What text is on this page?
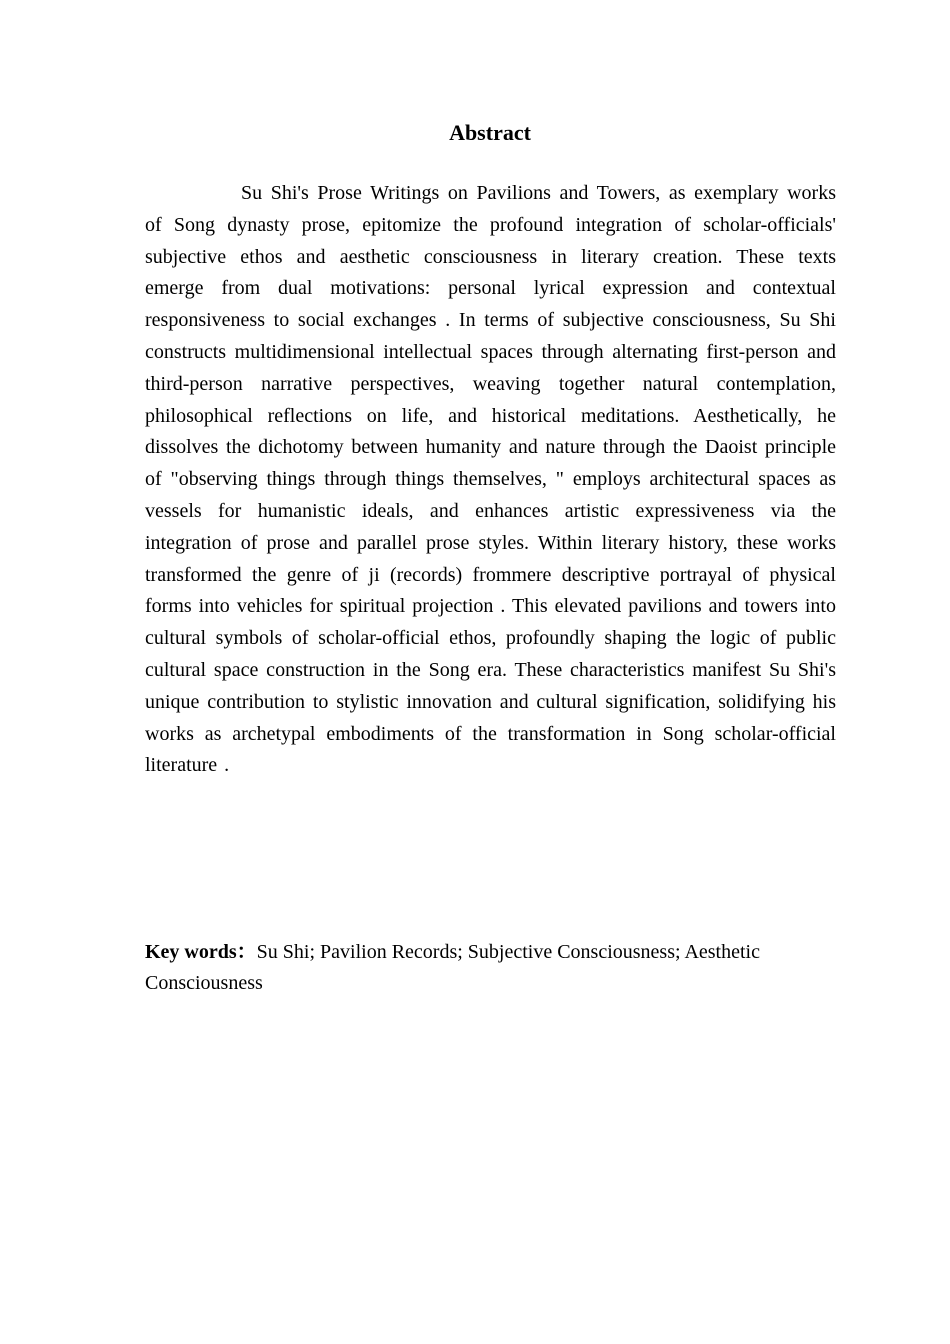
Abstract

Su Shi's Prose Writings on Pavilions and Towers, as exemplary works of Song dynasty prose, epitomize the profound integration of scholar-officials' subjective ethos and aesthetic consciousness in literary creation. These texts emerge from dual motivations: personal lyrical expression and contextual responsiveness to social exchanges . In terms of subjective consciousness, Su Shi constructs multidimensional intellectual spaces through alternating first-person and third-person narrative perspectives, weaving together natural contemplation, philosophical reflections on life, and historical meditations. Aesthetically, he dissolves the dichotomy between humanity and nature through the Daoist principle of "observing things through things themselves, " employs architectural spaces as vessels for humanistic ideals, and enhances artistic expressiveness via the integration of prose and parallel prose styles. Within literary history, these works transformed the genre of ji (records) frommere descriptive portrayal of physical forms into vehicles for spiritual projection . This elevated pavilions and towers into cultural symbols of scholar-official ethos, profoundly shaping the logic of public cultural space construction in the Song era. These characteristics manifest Su Shi's unique contribution to stylistic innovation and cultural signification, solidifying his works as archetypal embodiments of the transformation in Song scholar-official literature .

Key words：Su Shi; Pavilion Records; Subjective Consciousness; Aesthetic Consciousness
